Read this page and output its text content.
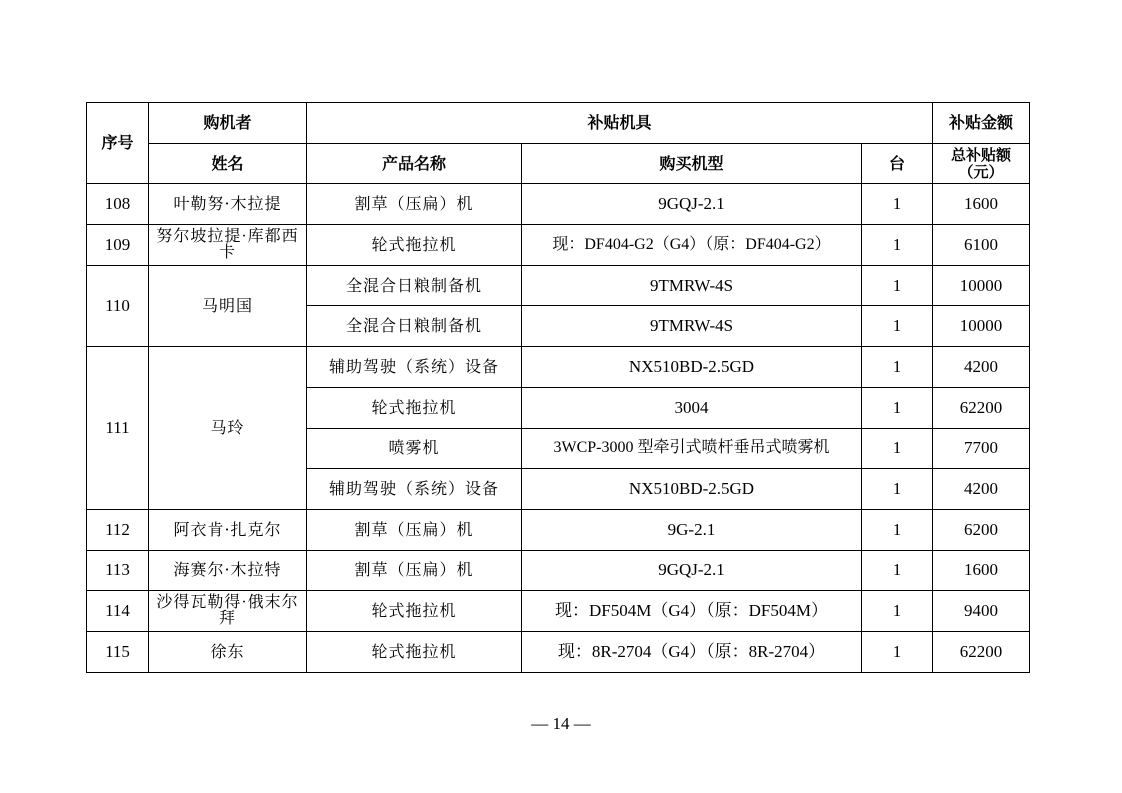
序号	购机者	补贴机具			补贴金额
	姓名	产品名称	购买机型	台	总补贴额（元）
108	叶勒努·木拉提	割草（压扁）机	9GQJ-2.1	1	1600
109	努尔坡拉提·库都西卡	轮式拖拉机	现：DF404-G2（G4）（原：DF404-G2）	1	6100
110	马明国	全混合日粮制备机	9TMRW-4S	1	10000
		全混合日粮制备机	9TMRW-4S	1	10000
111	马玲	辅助驾驶（系统）设备	NX510BD-2.5GD	1	4200
		轮式拖拉机	3004	1	62200
		喷雾机	3WCP-3000 型牵引式喷杆垂吊式喷雾机	1	7700
		辅助驾驶（系统）设备	NX510BD-2.5GD	1	4200
112	阿衣肯·扎克尔	割草（压扁）机	9G-2.1	1	6200
113	海赛尔·木拉特	割草（压扁）机	9GQJ-2.1	1	1600
114	沙得瓦勒得·俄末尔拜	轮式拖拉机	现：DF504M（G4）（原：DF504M）	1	9400
115	徐东	轮式拖拉机	现：8R-2704（G4）（原：8R-2704）	1	62200
— 14 —
